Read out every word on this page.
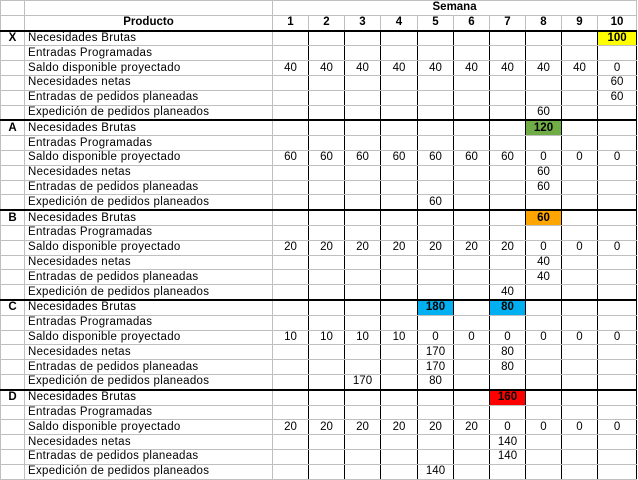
		Semana									
	Producto	1	2	3	4	5	6	7	8	9	10
X	Necesidades Brutas										100
	Entradas Programadas										
	Saldo disponible proyectado	40	40	40	40	40	40	40	40	40	0
	Necesidades netas										60
	Entradas de pedidos planeadas										60
	Expedición de pedidos planeados								60		
A	Necesidades Brutas								120		
	Entradas Programadas										
	Saldo disponible proyectado	60	60	60	60	60	60	60	0	0	0
	Necesidades netas								60		
	Entradas de pedidos planeadas								60		
	Expedición de pedidos planeados					60					
B	Necesidades Brutas								60		
	Entradas Programadas										
	Saldo disponible proyectado	20	20	20	20	20	20	20	0	0	0
	Necesidades netas								40		
	Entradas de pedidos planeadas								40		
	Expedición de pedidos planeados							40			
C	Necesidades Brutas					180		80			
	Entradas Programadas										
	Saldo disponible proyectado	10	10	10	10	0	0	0	0	0	0
	Necesidades netas					170		80			
	Entradas de pedidos planeadas					170		80			
	Expedición de pedidos planeados			170		80					
D	Necesidades Brutas							160			
	Entradas Programadas										
	Saldo disponible proyectado	20	20	20	20	20	20	0	0	0	0
	Necesidades netas							140			
	Entradas de pedidos planeadas							140			
	Expedición de pedidos planeados					140					
